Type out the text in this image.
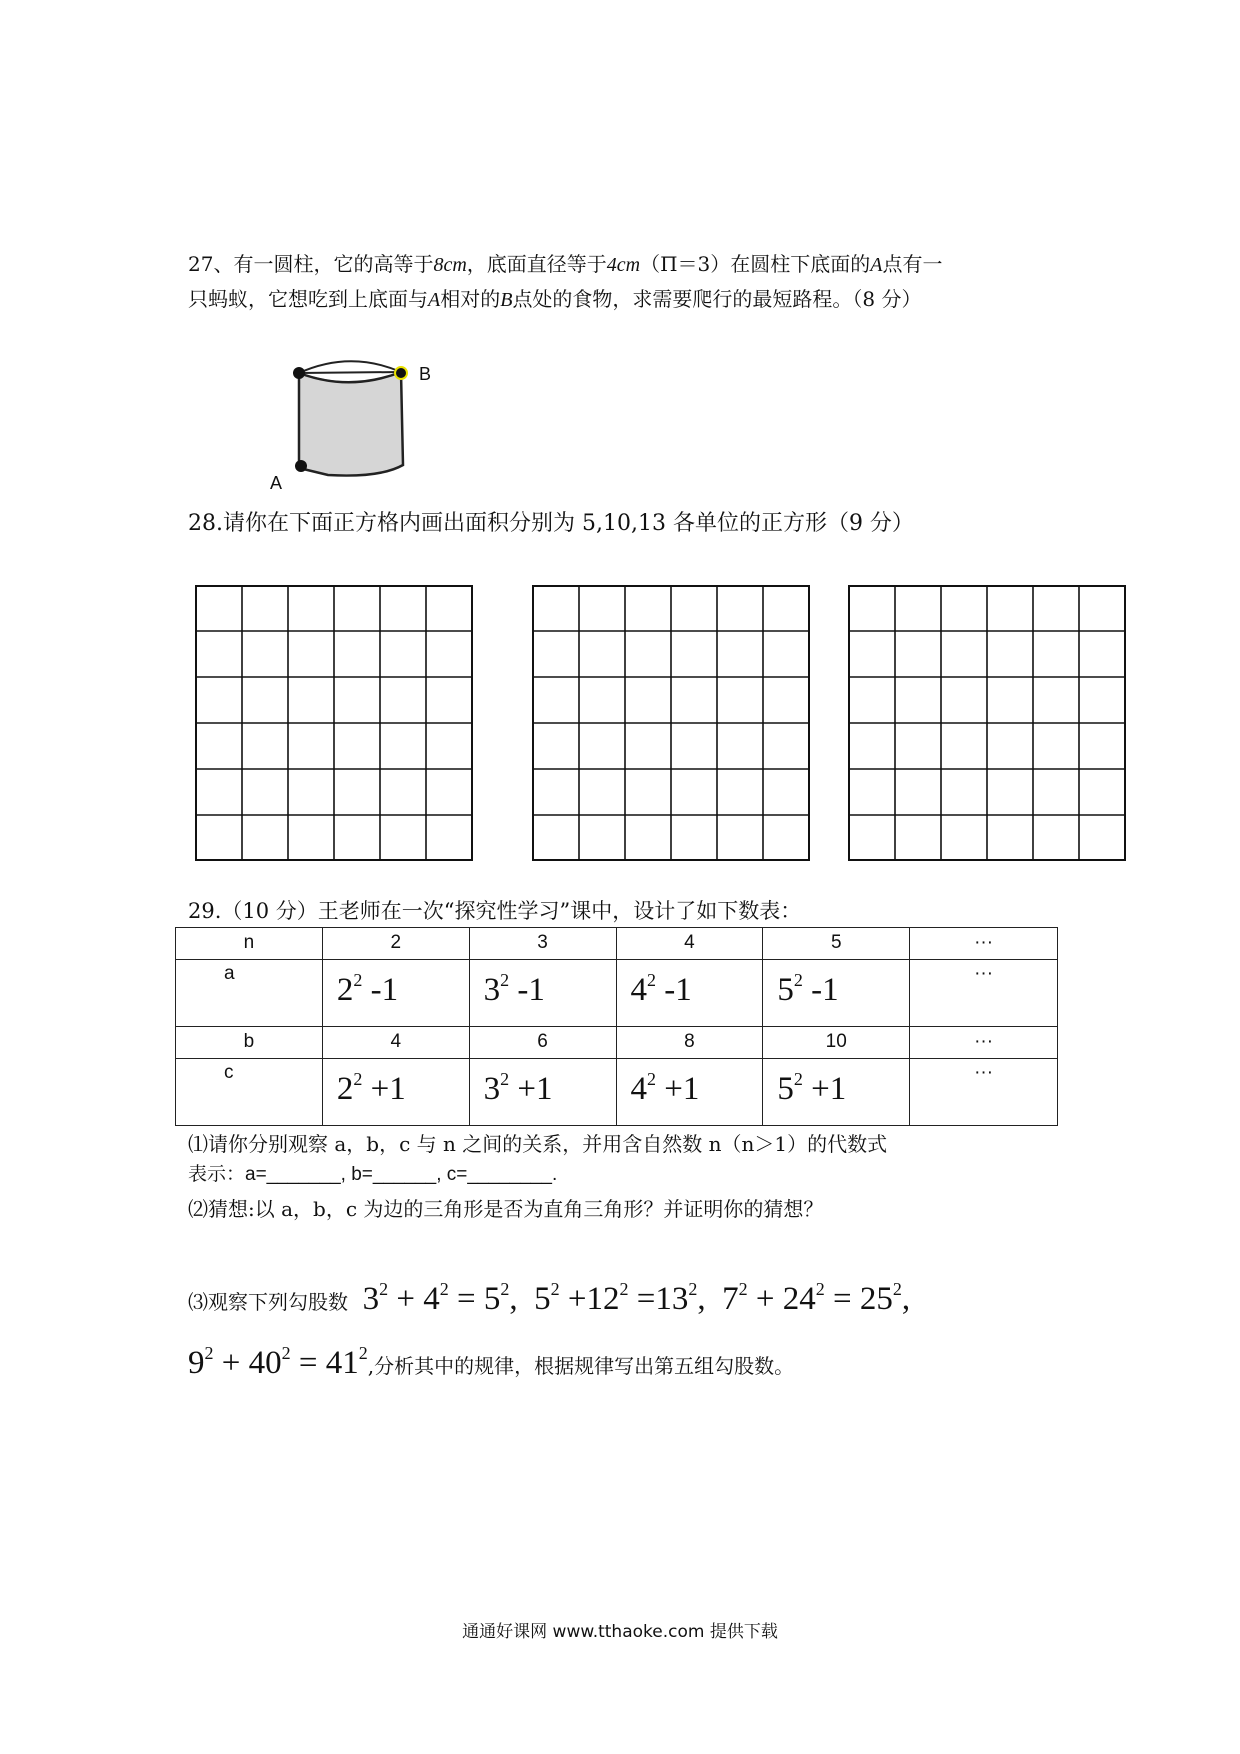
27、有一圆柱，它的高等于8cm，底面直径等于4cm（Π＝3）在圆柱下底面的A点有一
只蚂蚁，它想吃到上底面与A相对的B点处的食物，求需要爬行的最短路程。（8 分）
B
A
28.请你在下面正方格内画出面积分别为 5,10,13 各单位的正方形（9 分）
29.（10 分）王老师在一次“探究性学习”课中，设计了如下数表：
n	2	3	4	5	···

a	$2^2$ -1	$3^2$ -1	$4^2$ -1	$5^2$ -1	···

b	4	6	8	10	···

c	$2^2 +1$	$3^2 +1$	$4^2 +1$	$5^2 +1$	···
⑴请你分别观察 a，b，c 与 n 之间的关系，并用含自然数 n（n＞1）的代数式
表示：a=_______, b=______, c=________.
⑵猜想:以 a，b，c 为边的三角形是否为直角三角形？并证明你的猜想？
⑶观察下列勾股数  $3^2 + 4^2 = 5^2$,  $5^2 +12^2 =13^2$,  $7^2 + 24^2 = 25^2$,
$9^2 + 40^2 = 41^2$,分析其中的规律，根据规律写出第五组勾股数。
通通好课网 www.tthaoke.com 提供下载
